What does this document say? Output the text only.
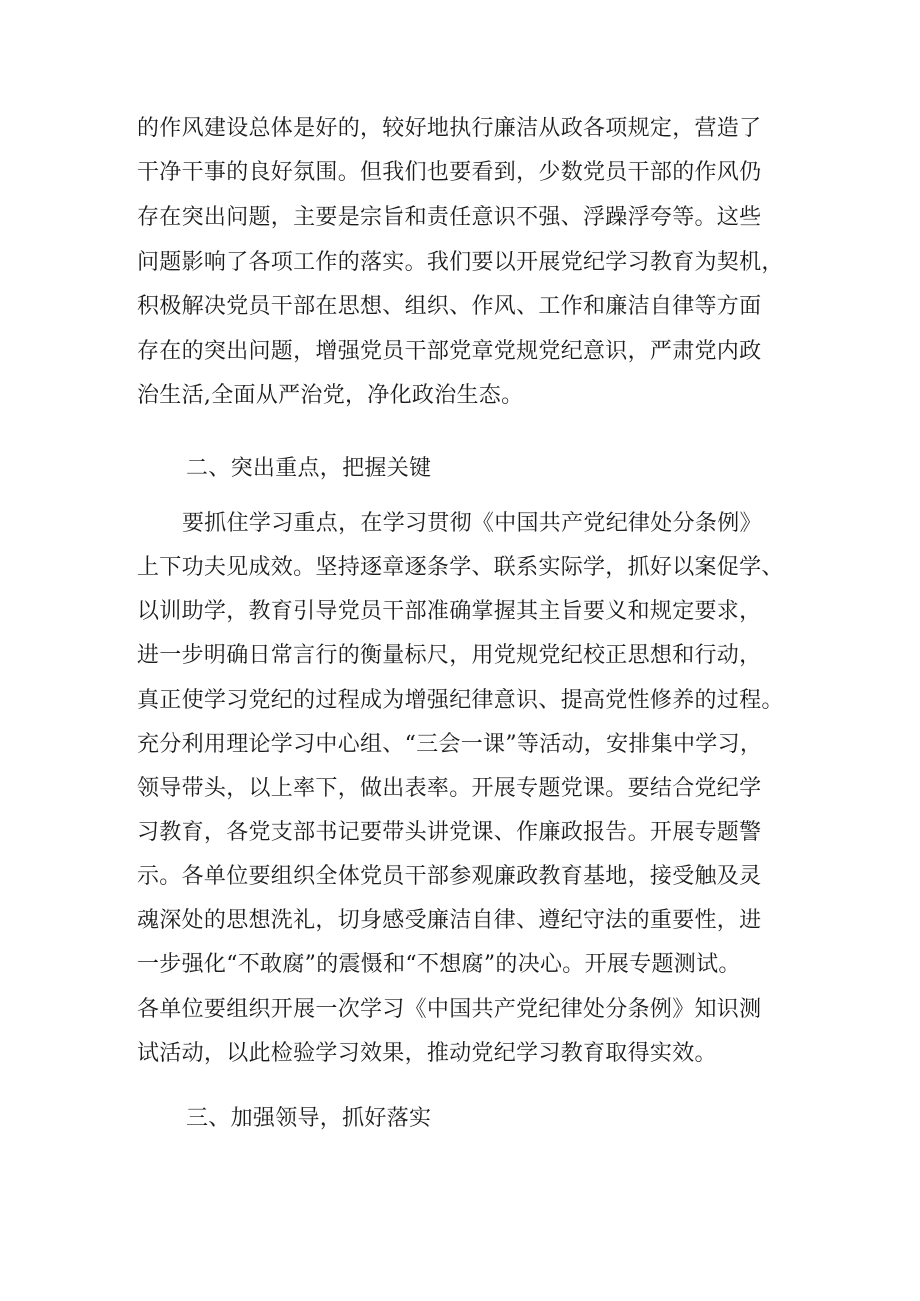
的作风建设总体是好的，较好地执行廉洁从政各项规定，营造了
干净干事的良好氛围。但我们也要看到，少数党员干部的作风仍
存在突出问题，主要是宗旨和责任意识不强、浮躁浮夸等。这些
问题影响了各项工作的落实。我们要以开展党纪学习教育为契机，
积极解决党员干部在思想、组织、作风、工作和廉洁自律等方面
存在的突出问题，增强党员干部党章党规党纪意识，严肃党内政
治生活,全面从严治党，净化政治生态。
二、突出重点，把握关键
要抓住学习重点，在学习贯彻《中国共产党纪律处分条例》
上下功夫见成效。坚持逐章逐条学、联系实际学，抓好以案促学、
以训助学，教育引导党员干部准确掌握其主旨要义和规定要求，
进一步明确日常言行的衡量标尺，用党规党纪校正思想和行动，
真正使学习党纪的过程成为增强纪律意识、提高党性修养的过程。
充分利用理论学习中心组、“三会一课”等活动，安排集中学习，
领导带头，以上率下，做出表率。开展专题党课。要结合党纪学
习教育，各党支部书记要带头讲党课、作廉政报告。开展专题警
示。各单位要组织全体党员干部参观廉政教育基地，接受触及灵
魂深处的思想洗礼，切身感受廉洁自律、遵纪守法的重要性，进
一步强化“不敢腐”的震慑和“不想腐”的决心。开展专题测试。
各单位要组织开展一次学习《中国共产党纪律处分条例》知识测
试活动，以此检验学习效果，推动党纪学习教育取得实效。
三、加强领导，抓好落实
